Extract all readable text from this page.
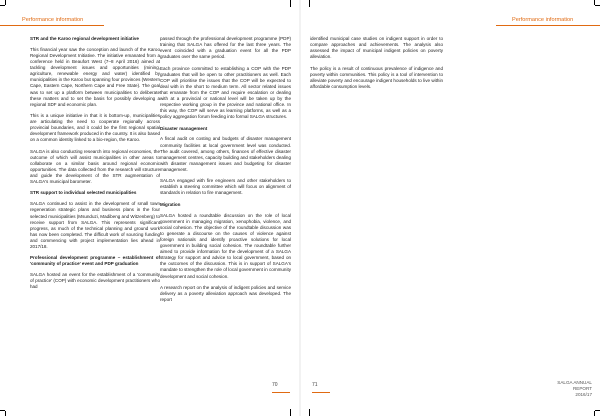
Performance information	Performance information

STR and the Karoo regional development initiative

This financial year saw the conception and launch of the Karoo Regional Development Initiative. The initiative emanated from a conference held in Beaufort West (7–8 April 2016) aimed at tackling development issues and opportunities (mining, agriculture, renewable energy and water) identified by municipalities in the Karoo but spanning four provinces (Western Cape, Eastern Cape, Northern Cape and Free State). The goal was to set up a platform between municipalities to deliberate these matters and to set the basis for possibly developing a regional SDF and economic plan.

This is a unique initiative in that it is bottom-up, municipalities are articulating the need to cooperate regionally across provincial boundaries, and it could be the first regional spatial development framework produced in the country. It is also based on a common identity linked to a bio-region, the Karoo.

SALGA is also conducting research into regional economies, the outcome of which will assist municipalities in other areas to collaborate on a similar basis around regional economic opportunities. The data collected from the research will structure and guide the development of the STR augmentation of SALGA's municipal barometer.

STR support to individual selected municipalities

SALGA continued to assist in the development of small town regeneration strategic plans and business plans in the four selected municipalities (Msunduzi, Madibeng and Witzenberg) to receive support from SALGA. This represents significant progress, as much of the technical planning and ground work has now been completed. The difficult work of sourcing funding and commencing with project implementation lies ahead in 2017/18.

Professional development programme – establishment of 'community of practice' event and PDP graduation

SALGA hosted an event for the establishment of a 'community of practice' (COP) with economic development practitioners who had

passed through the professional development programme (PDP) training that SALGA has offered for the last three years. The event coincided with a graduation event for all the PDP graduates over the same period.

Each province committed to establishing a COP with the PDP graduates that will be open to other practitioners as well. Each COP will prioritise the issues that the COP will be expected to deal with in the short to medium term. All sector related issues that emanate from the COP and require escalation or dealing with at a provincial or national level will be taken up by the respective working group in the province and national office. In this way, the COP will serve as learning platforms, as well as a policy aggregation forum feeding into formal SALGA structures.

Disaster management

A fiscal audit on costing and budgets of disaster management community facilities at local government level was conducted. The audit covered, among others, finances of effective disaster management centres, capacity building and stakeholders dealing with disaster management issues and budgeting for disaster management.

SALGA engaged with fire engineers and other stakeholders to establish a steering committee which will focus on alignment of standards in relation to fire management.

Migration

SALGA hosted a roundtable discussion on the role of local government in managing migration, xenophobia, violence, and social cohesion. The objective of the roundtable discussion was to generate a discourse on the causes of violence against foreign nationals and identify proactive solutions for local government in building social cohesion. The roundtable further aimed to provide information for the development of a SALGA strategy for support and advice to local government, based on the outcomes of the discussion. This is in support of SALGA's mandate to strengthen the role of local government in community development and social cohesion.

A research report on the analysis of indigent policies and service delivery as a poverty alleviation approach was developed. The report

identified municipal case studies on indigent support in order to compare approaches and achievements. The analysis also assessed the impact of municipal indigent policies on poverty alleviation.

The policy is a result of continuous prevalence of indigence and poverty within communities. This policy is a tool of intervention to alleviate poverty and encourage indigent households to live within affordable consumption levels.

70	71	SALGA ANNUAL REPORT
2016/17
